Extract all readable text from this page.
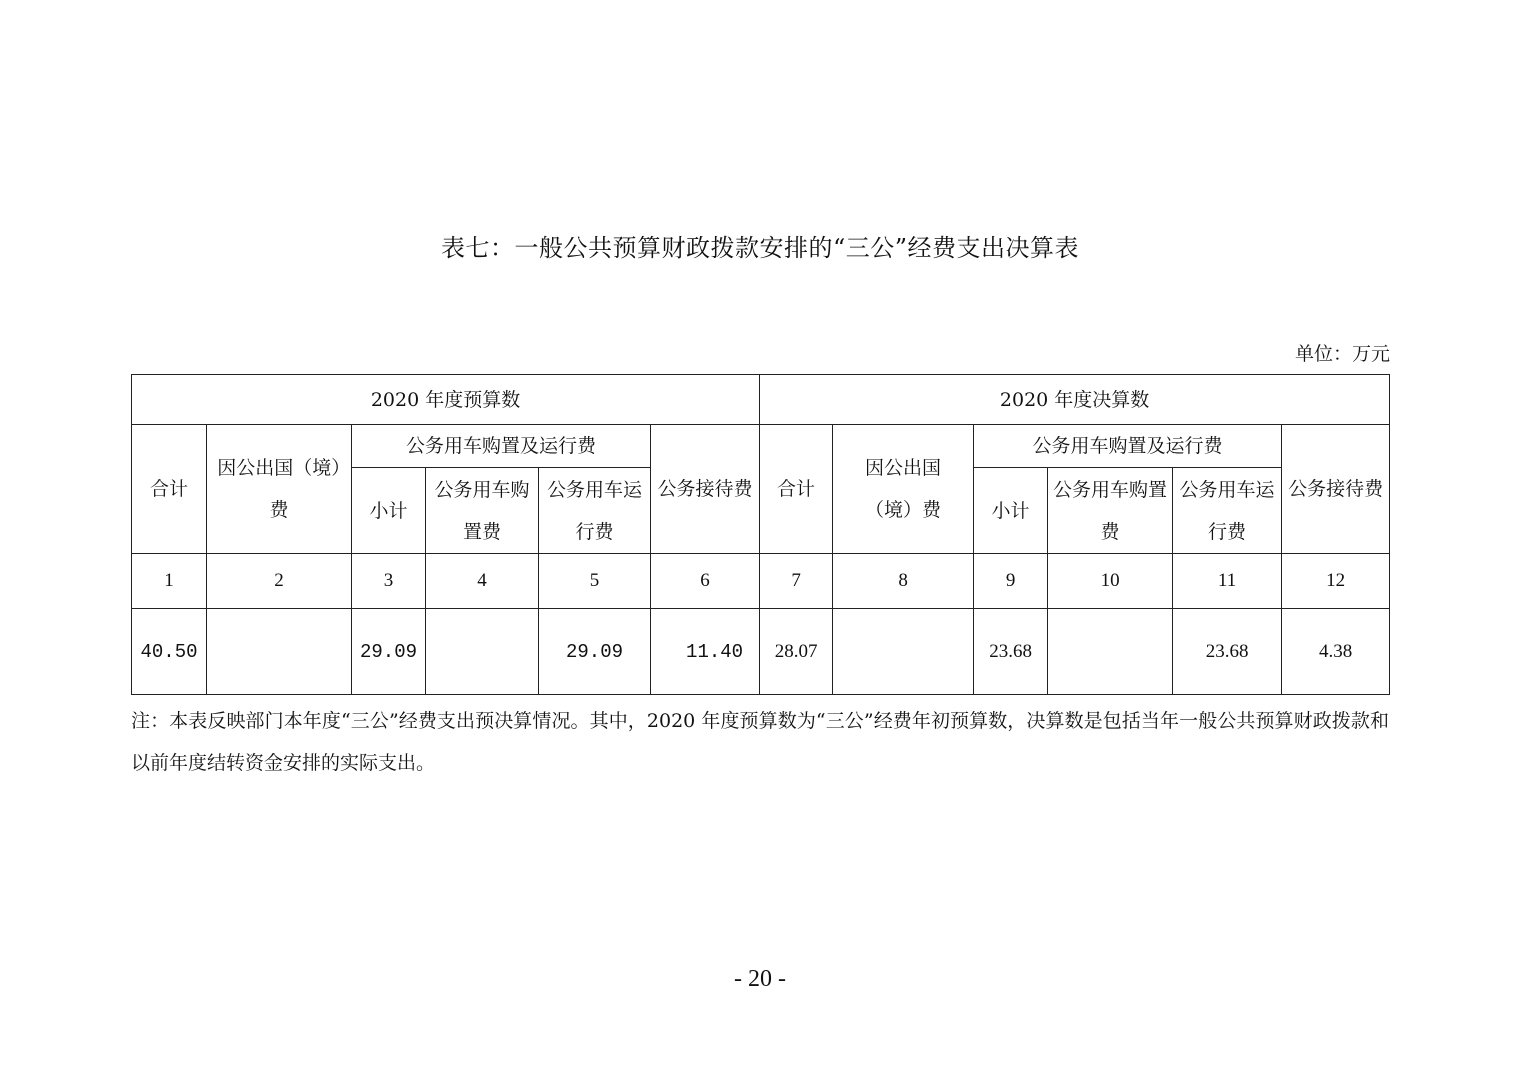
表七：一般公共预算财政拨款安排的“三公”经费支出决算表
单位：万元
2020 年度预算数						2020 年度决算数					
合计	因公出国（境）费	公务用车购置及运行费			公务接待费	合计	因公出国（境）费	公务用车购置及运行费			公务接待费
		小计	公务用车购置费	公务用车运行费				小计	公务用车购置费	公务用车运行费	
1	2	3	4	5	6	7	8	9	10	11	12
40.50		29.09		29.09	11.40	28.07		23.68		23.68	4.38
注：本表反映部门本年度“三公”经费支出预决算情况。其中，2020 年度预算数为“三公”经费年初预算数，决算数是包括当年一般公共预算财政拨款和以前年度结转资金安排的实际支出。
- 20 -
